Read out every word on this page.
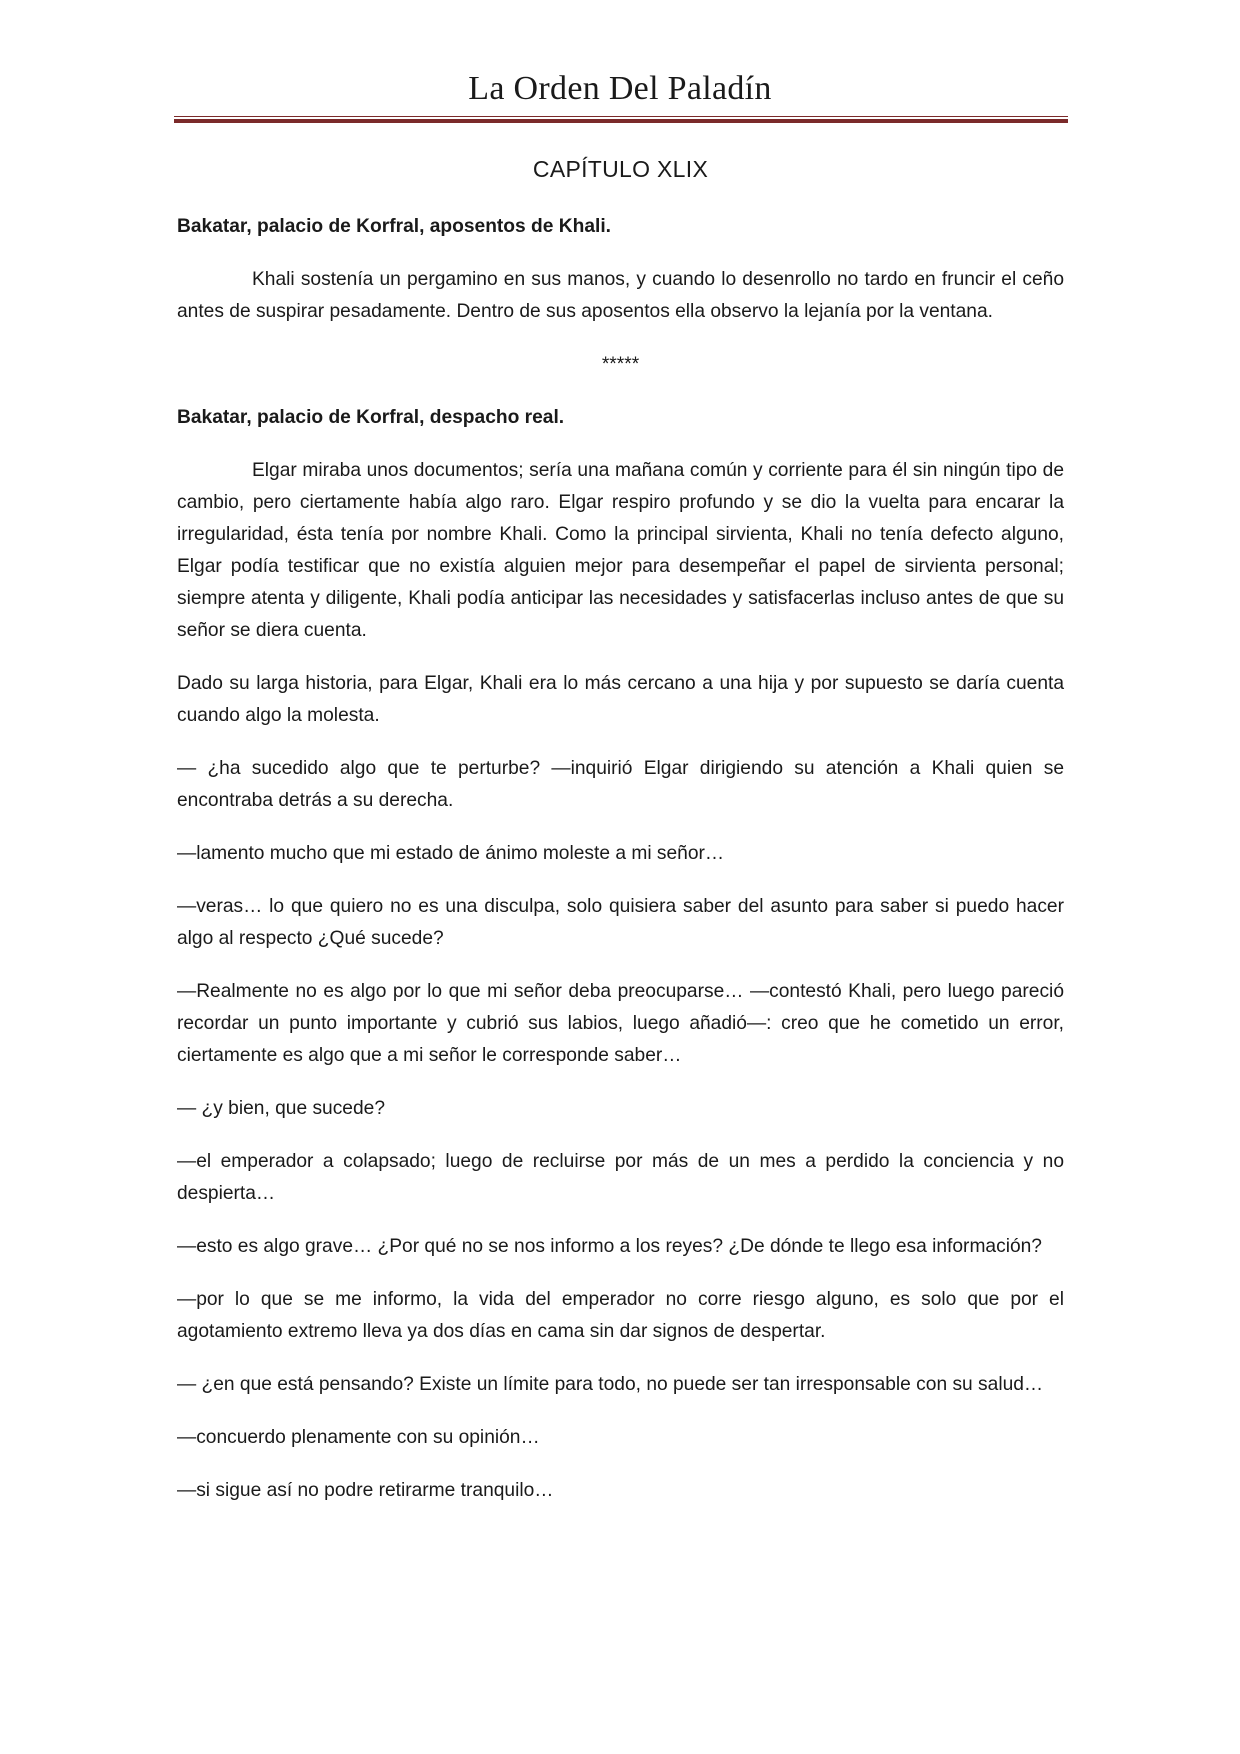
La Orden Del Paladín
CAPÍTULO XLIX

Bakatar, palacio de Korfral, aposentos de Khali.

Khali sostenía un pergamino en sus manos, y cuando lo desenrollo no tardo en fruncir el ceño antes de suspirar pesadamente. Dentro de sus aposentos ella observo la lejanía por la ventana.

*****

Bakatar, palacio de Korfral, despacho real.

Elgar miraba unos documentos; sería una mañana común y corriente para él sin ningún tipo de cambio, pero ciertamente había algo raro. Elgar respiro profundo y se dio la vuelta para encarar la irregularidad, ésta tenía por nombre Khali. Como la principal sirvienta, Khali no tenía defecto alguno, Elgar podía testificar que no existía alguien mejor para desempeñar el papel de sirvienta personal; siempre atenta y diligente, Khali podía anticipar las necesidades y satisfacerlas incluso antes de que su señor se diera cuenta.

Dado su larga historia, para Elgar, Khali era lo más cercano a una hija y por supuesto se daría cuenta cuando algo la molesta.

— ¿ha sucedido algo que te perturbe? —inquirió Elgar dirigiendo su atención a Khali quien se encontraba detrás a su derecha.

—lamento mucho que mi estado de ánimo moleste a mi señor…

—veras… lo que quiero no es una disculpa, solo quisiera saber del asunto para saber si puedo hacer algo al respecto ¿Qué sucede?

—Realmente no es algo por lo que mi señor deba preocuparse… —contestó Khali, pero luego pareció recordar un punto importante y cubrió sus labios, luego añadió—: creo que he cometido un error, ciertamente es algo que a mi señor le corresponde saber…

— ¿y bien, que sucede?

—el emperador a colapsado; luego de recluirse por más de un mes a perdido la conciencia y no despierta…

—esto es algo grave… ¿Por qué no se nos informo a los reyes? ¿De dónde te llego esa información?

—por lo que se me informo, la vida del emperador no corre riesgo alguno, es solo que por el agotamiento extremo lleva ya dos días en cama sin dar signos de despertar.

— ¿en que está pensando? Existe un límite para todo, no puede ser tan irresponsable con su salud…

—concuerdo plenamente con su opinión…

—si sigue así no podre retirarme tranquilo…
